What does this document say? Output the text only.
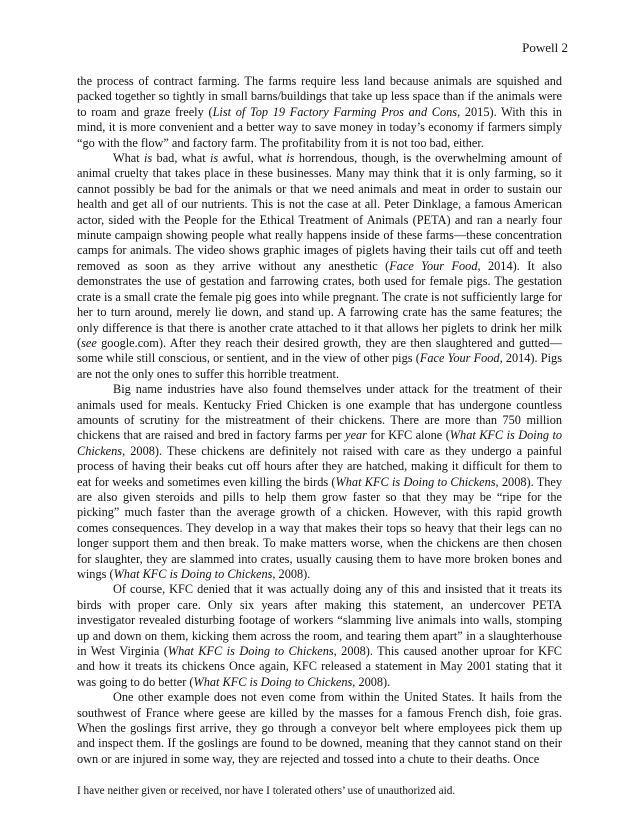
Powell 2

the process of contract farming. The farms require less land because animals are squished and packed together so tightly in small barns/buildings that take up less space than if the animals were to roam and graze freely (List of Top 19 Factory Farming Pros and Cons, 2015). With this in mind, it is more convenient and a better way to save money in today’s economy if farmers simply “go with the flow” and factory farm. The profitability from it is not too bad, either.

What is bad, what is awful, what is horrendous, though, is the overwhelming amount of animal cruelty that takes place in these businesses. Many may think that it is only farming, so it cannot possibly be bad for the animals or that we need animals and meat in order to sustain our health and get all of our nutrients. This is not the case at all. Peter Dinklage, a famous American actor, sided with the People for the Ethical Treatment of Animals (PETA) and ran a nearly four minute campaign showing people what really happens inside of these farms—these concentration camps for animals. The video shows graphic images of piglets having their tails cut off and teeth removed as soon as they arrive without any anesthetic (Face Your Food, 2014). It also demonstrates the use of gestation and farrowing crates, both used for female pigs. The gestation crate is a small crate the female pig goes into while pregnant. The crate is not sufficiently large for her to turn around, merely lie down, and stand up. A farrowing crate has the same features; the only difference is that there is another crate attached to it that allows her piglets to drink her milk (see google.com). After they reach their desired growth, they are then slaughtered and gutted—some while still conscious, or sentient, and in the view of other pigs (Face Your Food, 2014). Pigs are not the only ones to suffer this horrible treatment.

Big name industries have also found themselves under attack for the treatment of their animals used for meals. Kentucky Fried Chicken is one example that has undergone countless amounts of scrutiny for the mistreatment of their chickens. There are more than 750 million chickens that are raised and bred in factory farms per year for KFC alone (What KFC is Doing to Chickens, 2008). These chickens are definitely not raised with care as they undergo a painful process of having their beaks cut off hours after they are hatched, making it difficult for them to eat for weeks and sometimes even killing the birds (What KFC is Doing to Chickens, 2008). They are also given steroids and pills to help them grow faster so that they may be “ripe for the picking” much faster than the average growth of a chicken. However, with this rapid growth comes consequences. They develop in a way that makes their tops so heavy that their legs can no longer support them and then break. To make matters worse, when the chickens are then chosen for slaughter, they are slammed into crates, usually causing them to have more broken bones and wings (What KFC is Doing to Chickens, 2008).

Of course, KFC denied that it was actually doing any of this and insisted that it treats its birds with proper care. Only six years after making this statement, an undercover PETA investigator revealed disturbing footage of workers “slamming live animals into walls, stomping up and down on them, kicking them across the room, and tearing them apart” in a slaughterhouse in West Virginia (What KFC is Doing to Chickens, 2008). This caused another uproar for KFC and how it treats its chickens Once again, KFC released a statement in May 2001 stating that it was going to do better (What KFC is Doing to Chickens, 2008).

One other example does not even come from within the United States. It hails from the southwest of France where geese are killed by the masses for a famous French dish, foie gras. When the goslings first arrive, they go through a conveyor belt where employees pick them up and inspect them. If the goslings are found to be downed, meaning that they cannot stand on their own or are injured in some way, they are rejected and tossed into a chute to their deaths. Once

I have neither given or received, nor have I tolerated others’ use of unauthorized aid.
